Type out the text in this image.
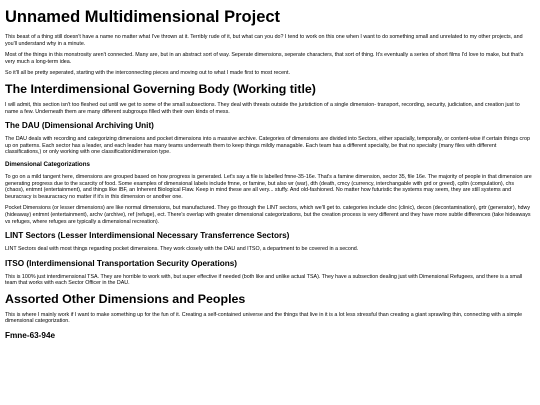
Unnamed Multidimensional Project

This beast of a thing still doesn't have a name no matter what I've thrown at it. Terribly rude of it, but what can you do? I tend to work on this one when I want to do something small and unrelated to my other projects, and you'll understand why in a minute.

Most of the things in this monstrosity aren't connected. Many are, but in an abstract sort of way. Seperate dimensions, seperate characters, that sort of thing. It's eventually a series of short films I'd love to make, but that's very much a long-term idea.

So it'll all be pretty seperated, starting with the interconnecting pieces and moving out to what I made first to most recent.

The Interdimensional Governing Body (Working title)

I will admit, this section isn't too fleshed out until we get to some of the small subsections. They deal with threats outside the juristiction of a single dimension- transport, recording, security, judiciation, and creation just to name a few. Underneath them are many different subgroups filled with their own kinds of mess.

The DAU (Dimensional Archiving Unit)

The DAU deals with recording and categorizing dimensions and pocket dimensions into a massive archive. Categories of dimensions are divided into Sectors, either spacially, temporally, or content-wise if certain things crop up on patterns. Each sector has a leader, and each leader has many teams underneath them to keep things mildly managable. Each team has a different specialty, be that no specialty (many files with different classifications,) or only working with one classification/dimension type.

Dimensional Categorizations

To go on a mild tangent here, dimensions are grouped based on how progress is generated. Let's say a file is labelled fmne-35-16e. That's a famine dimension, sector 35, file 16e. The majority of people in that dimension are generating progress due to the scarcity of food. Some examples of dimensional labels include fmne, or famine, but also wr (war), dth (death, cmcy (currency, interchangable with grd or greed), cpltn (compulation), chs (chaos), entmnt (entertainment), and things like IBF, an Inherent Biological Flaw. Keep in mind these are all very... stuffy. And old-fashioned. No matter how futuristic the systems may seem, they are still systems and beuracracy is beauracracy no matter if it's in this dimension or another one.

Pocket Dimensions (or lesser dimensions) are like normal dimensions, but manufactured. They go through the LINT sectors, which we'll get to. categories include clnc (clinic), decon (decontamination), grtr (generator), hdwy (hideaway) entmnt (entertainment), archv (archive), ref (refuge), ect. There's overlap with greater dimensional categorizations, but the creation process is very different and they have more subtle differences (take hideaways vs refuges, where refuges are typically a dimensional recreation).

LINT Sectors (Lesser Interdimensional Necessary Transferrence Sectors)

LINT Sectors deal with most things regarding pocket dimensions. They work closely with the DAU and ITSO, a department to be covered in a second.

ITSO (Interdimensional Transportation Security Operations)

This is 100% just interdimensional TSA. They are horrible to work with, but super effective if needed (both like and unlike actual TSA). They have a subsection dealing just with Dimensional Refugees, and there is a small team that works with each Sector Officer in the DAU.

Assorted Other Dimensions and Peoples

This is where I mainly work if I want to make something up for the fun of it. Creating a self-contained universe and the things that live in it is a lot less stressful than creating a giant sprawling thin, connecting with a simple dimensional categorization.

Fmne-63-94e
